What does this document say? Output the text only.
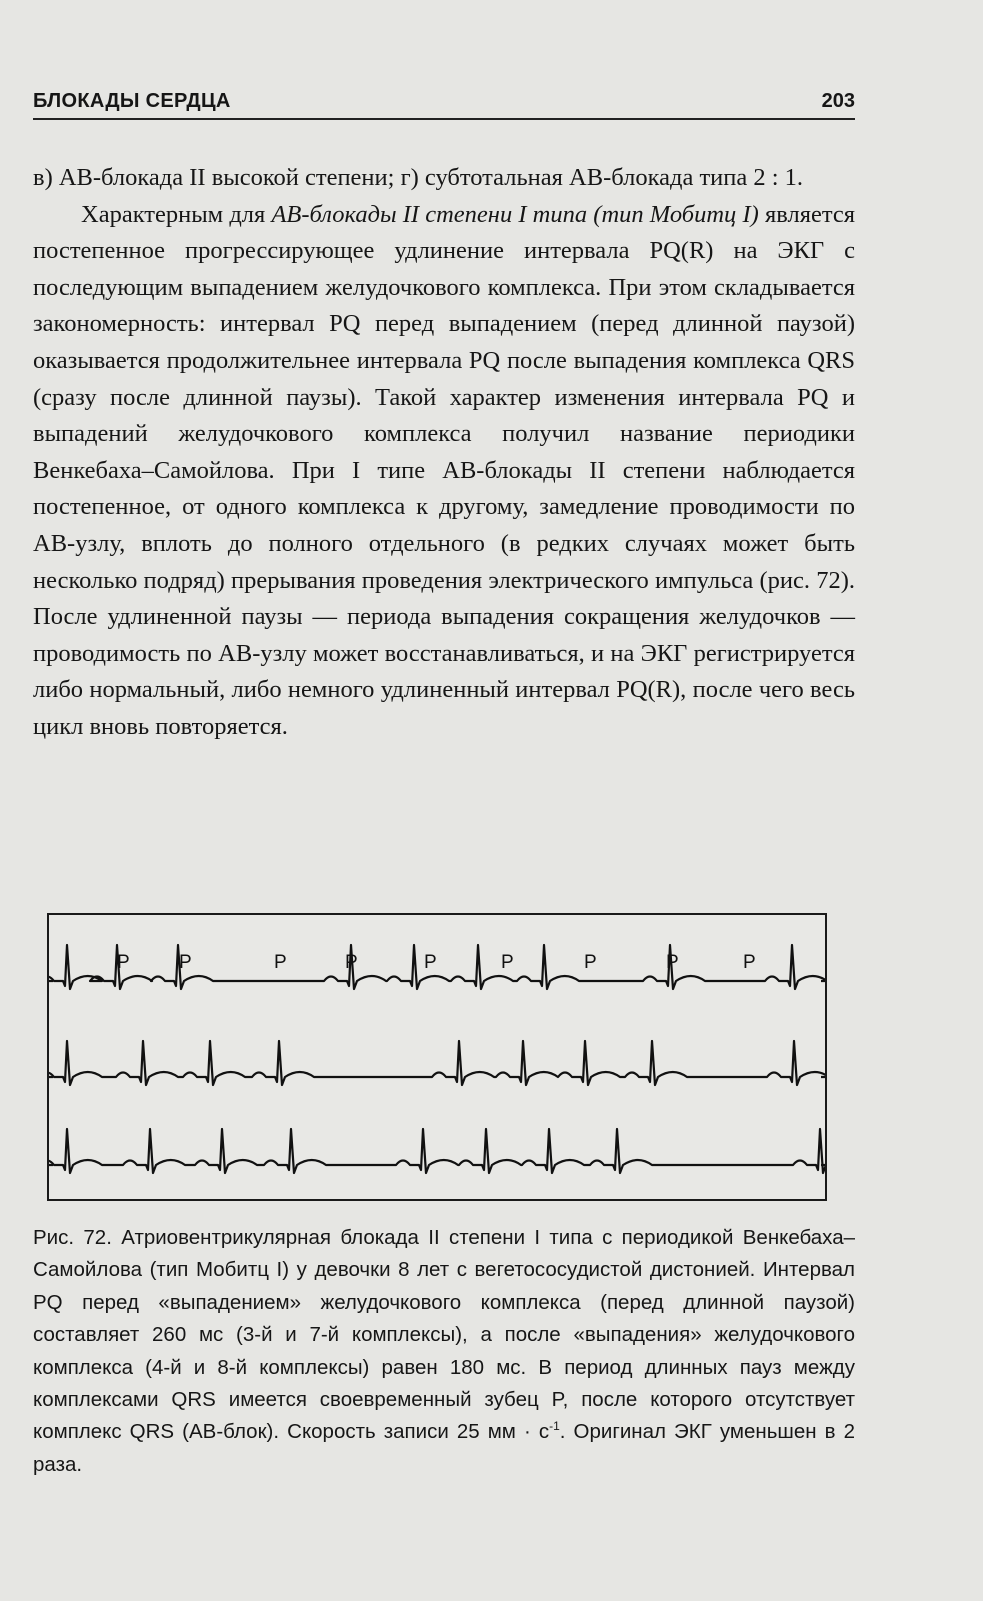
БЛОКАДЫ СЕРДЦА	203

в) АВ-блокада II высокой степени; г) субтотальная АВ-блокада типа 2 : 1.

Характерным для АВ-блокады II степени I типа (тип Мобитц I) является постепенное прогрессирующее удлинение интервала PQ(R) на ЭКГ с последующим выпадением желудочкового комплекса. При этом складывается закономерность: интервал PQ перед выпадением (перед длинной паузой) оказывается продолжительнее интервала PQ после выпадения комплекса QRS (сразу после длинной паузы). Такой характер изменения интервала PQ и выпадений желудочкового комплекса получил название периодики Венкебаха–Самойлова. При I типе АВ-блокады II степени наблюдается постепенное, от одного комплекса к другому, замедление проводимости по АВ-узлу, вплоть до полного отдельного (в редких случаях может быть несколько подряд) прерывания проведения электрического импульса (рис. 72). После удлиненной паузы — периода выпадения сокращения желудочков — проводимость по АВ-узлу может восстанавливаться, и на ЭКГ регистрируется либо нормальный, либо немного удлиненный интервал PQ(R), после чего весь цикл вновь повторяется.

P	P	P	P	P	P	P	P	P
Рис. 72. Атриовентрикулярная блокада II степени I типа с периодикой Венкебаха–Самойлова (тип Мобитц I) у девочки 8 лет с вегетососудистой дистонией. Интервал PQ перед «выпадением» желудочкового комплекса (перед длинной паузой) составляет 260 мс (3-й и 7-й комплексы), а после «выпадения» желудочкового комплекса (4-й и 8-й комплексы) равен 180 мс. В период длинных пауз между комплексами QRS имеется своевременный зубец P, после которого отсутствует комплекс QRS (АВ-блок). Скорость записи 25 мм · $с^{-1}$. Оригинал ЭКГ уменьшен в 2 раза.
